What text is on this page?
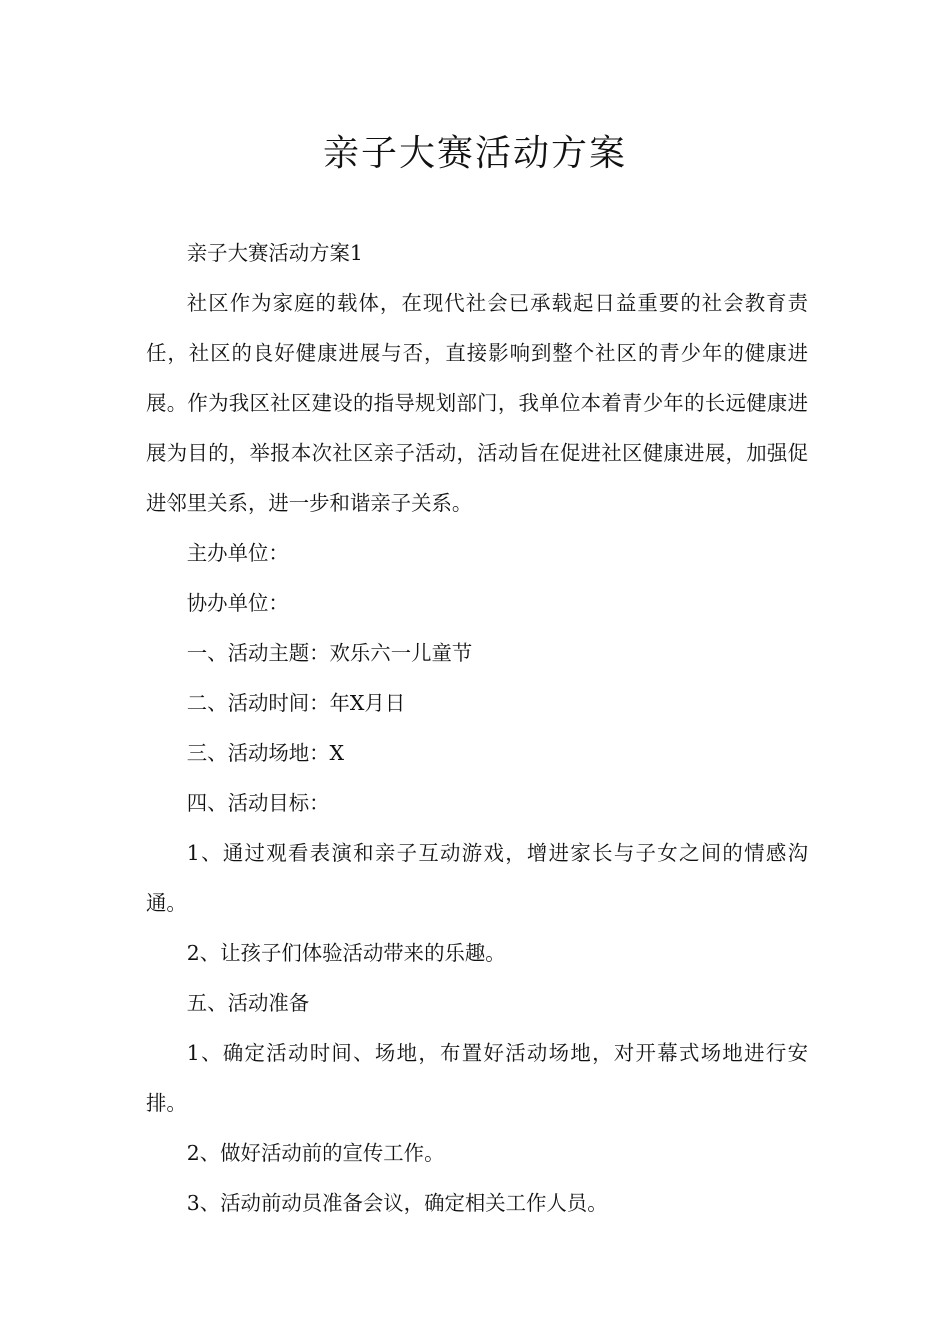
亲子大赛活动方案

亲子大赛活动方案1

社区作为家庭的载体，在现代社会已承载起日益重要的社会教育责任，社区的良好健康进展与否，直接影响到整个社区的青少年的健康进展。作为我区社区建设的指导规划部门，我单位本着青少年的长远健康进展为目的，举报本次社区亲子活动，活动旨在促进社区健康进展，加强促进邻里关系，进一步和谐亲子关系。

主办单位：

协办单位：

一、活动主题：欢乐六一儿童节

二、活动时间：年X月日

三、活动场地：X

四、活动目标：

1、通过观看表演和亲子互动游戏，增进家长与子女之间的情感沟通。

2、让孩子们体验活动带来的乐趣。

五、活动准备

1、确定活动时间、场地，布置好活动场地，对开幕式场地进行安排。

2、做好活动前的宣传工作。

3、活动前动员准备会议，确定相关工作人员。
